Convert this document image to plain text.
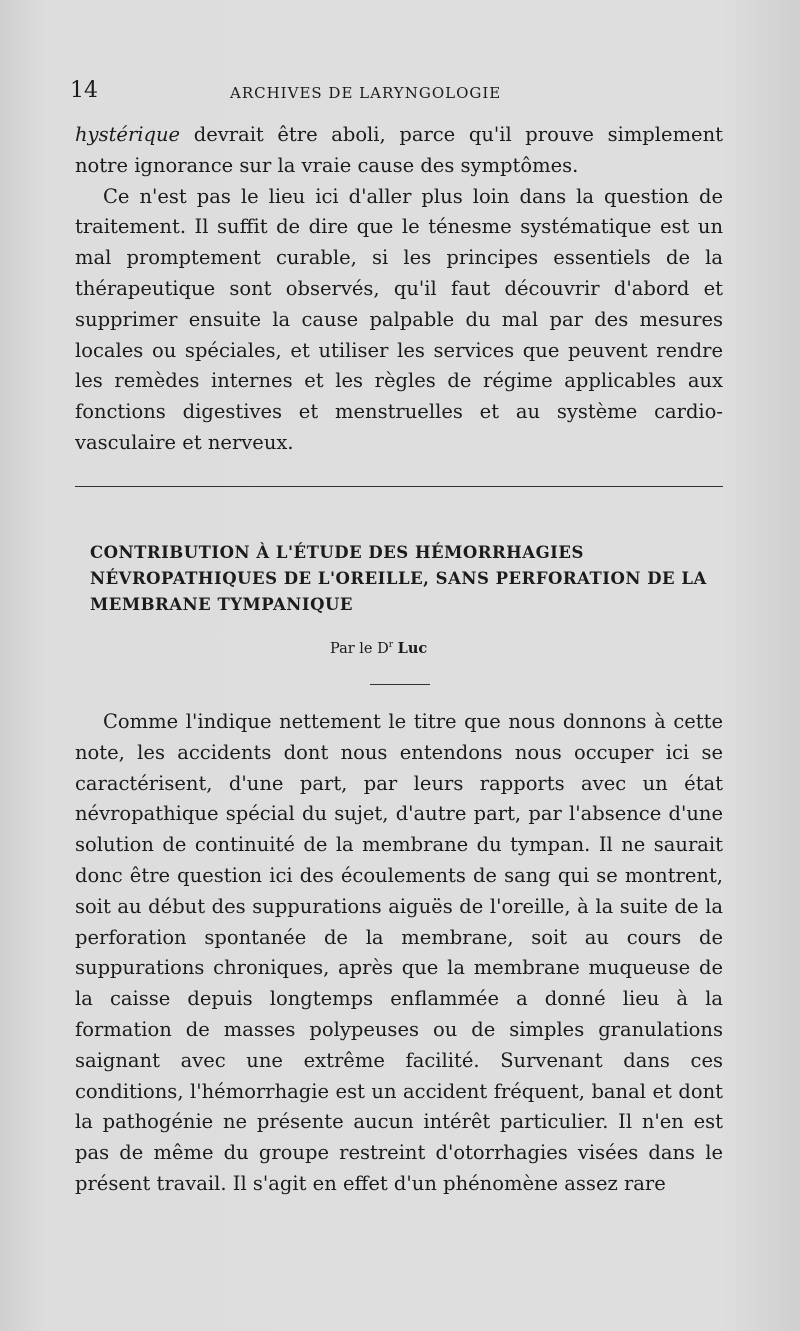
14	ARCHIVES DE LARYNGOLOGIE

hystérique devrait être aboli, parce qu'il prouve simplement notre ignorance sur la vraie cause des symptômes.

Ce n'est pas le lieu ici d'aller plus loin dans la question de traitement. Il suffit de dire que le ténesme systématique est un mal promptement curable, si les principes essentiels de la thérapeutique sont observés, qu'il faut découvrir d'abord et supprimer ensuite la cause palpable du mal par des mesures locales ou spéciales, et utiliser les services que peuvent rendre les remèdes internes et les règles de régime applicables aux fonctions digestives et menstruelles et au système cardio-vasculaire et nerveux.

CONTRIBUTION À L'ÉTUDE DES HÉMORRHAGIES NÉVROPATHIQUES DE L'OREILLE, SANS PERFORATION DE LA MEMBRANE TYMPANIQUE
Par le $D^r$ Luc

Comme l'indique nettement le titre que nous donnons à cette note, les accidents dont nous entendons nous occuper ici se caractérisent, d'une part, par leurs rapports avec un état névropathique spécial du sujet, d'autre part, par l'absence d'une solution de continuité de la membrane du tympan. Il ne saurait donc être question ici des écoulements de sang qui se montrent, soit au début des suppurations aiguës de l'oreille, à la suite de la perforation spontanée de la membrane, soit au cours de suppurations chroniques, après que la membrane muqueuse de la caisse depuis longtemps enflammée a donné lieu à la formation de masses polypeuses ou de simples granulations saignant avec une extrême facilité. Survenant dans ces conditions, l'hémorrhagie est un accident fréquent, banal et dont la pathogénie ne présente aucun intérêt particulier. Il n'en est pas de même du groupe restreint d'otorrhagies visées dans le présent travail. Il s'agit en effet d'un phénomène assez rare
